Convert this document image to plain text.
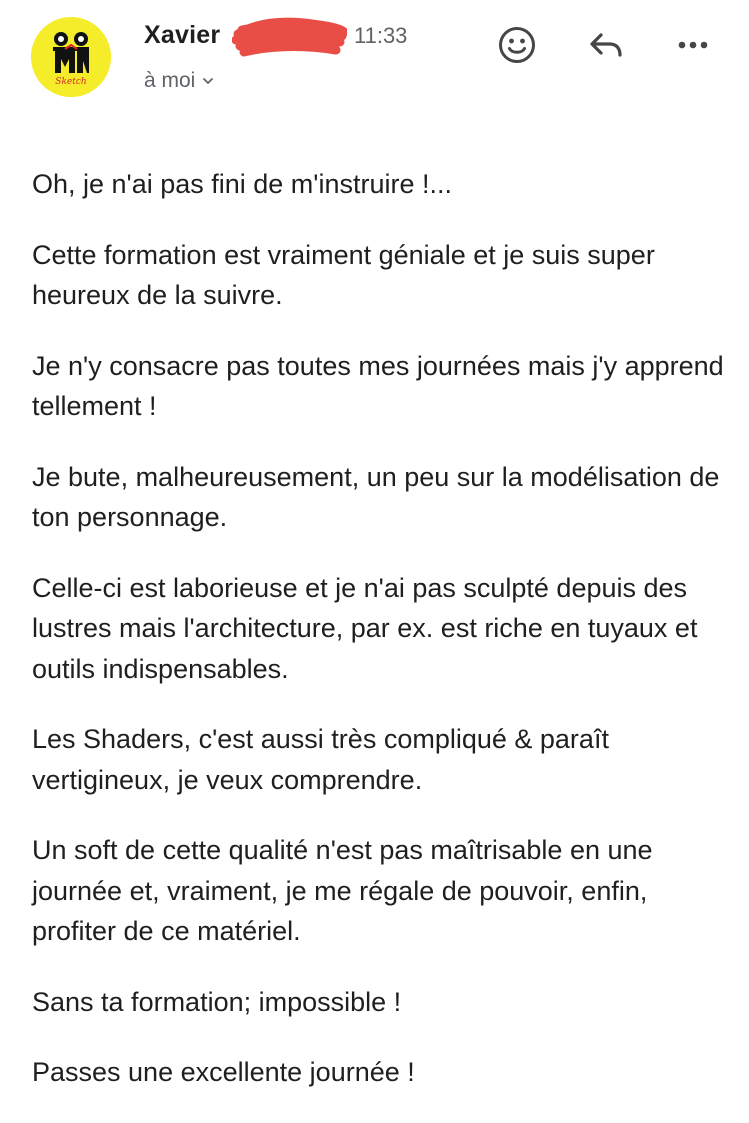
Sketch
Xavier	11:33
à moi

Oh, je n'ai pas fini de m'instruire !...

Cette formation est vraiment géniale et je suis super heureux de la suivre.

Je n'y consacre pas toutes mes journées mais j'y apprend tellement !

Je bute, malheureusement, un peu sur la modélisation de ton personnage.

Celle-ci est laborieuse et je n'ai pas sculpté depuis des lustres mais l'architecture, par ex. est riche en tuyaux et outils indispensables.

Les Shaders, c'est aussi très compliqué & paraît vertigineux, je veux comprendre.

Un soft de cette qualité n'est pas maîtrisable en une journée et, vraiment, je me régale de pouvoir, enfin, profiter de ce matériel.

Sans ta formation; impossible !

Passes une excellente journée !
